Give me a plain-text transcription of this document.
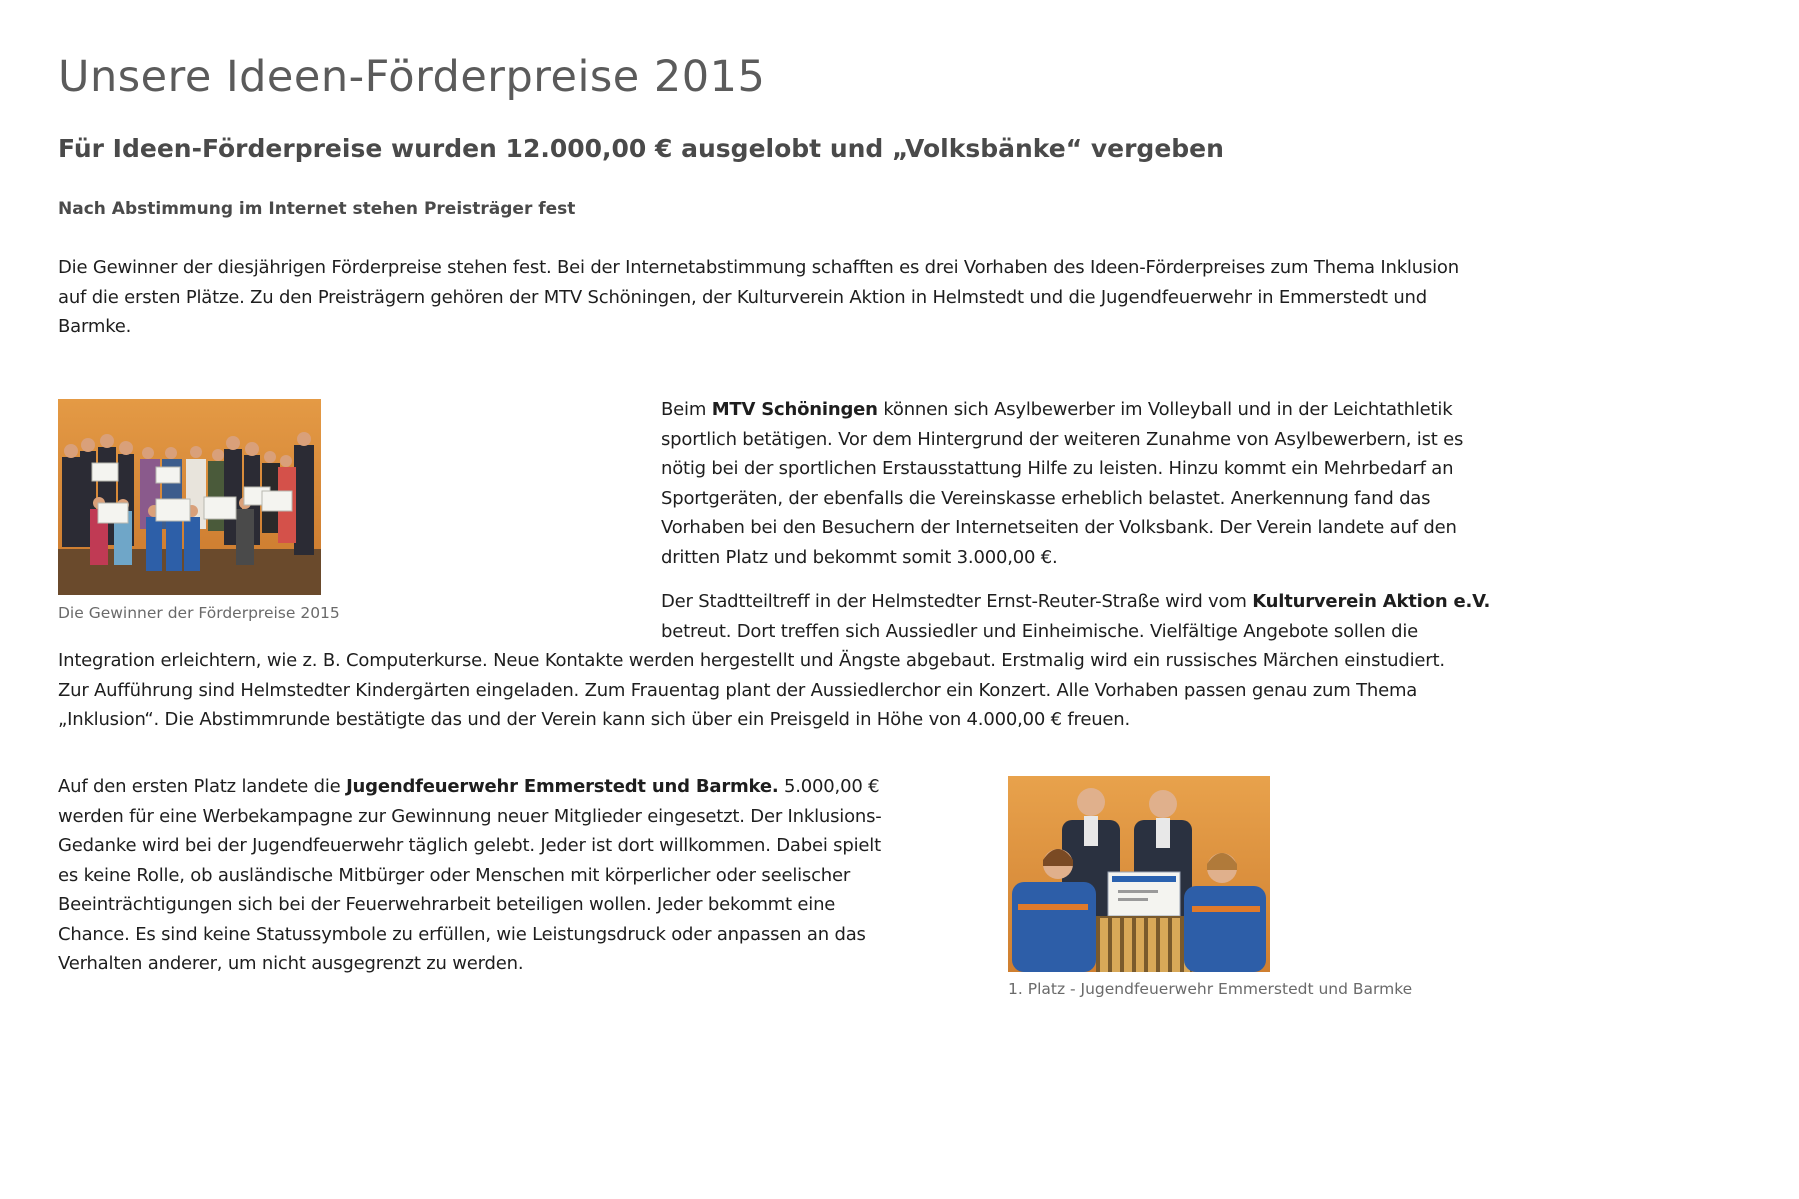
Unsere Ideen-Förderpreise 2015
Für Ideen-Förderpreise wurden 12.000,00 € ausgelobt und „Volksbänke“ vergeben
Nach Abstimmung im Internet stehen Preisträger fest
Die Gewinner der diesjährigen Förderpreise stehen fest. Bei der Internetabstimmung schafften es drei Vorhaben des Ideen-Förderpreises zum Thema Inklusion
auf die ersten Plätze. Zu den Preisträgern gehören der MTV Schöningen, der Kulturverein Aktion in Helmstedt und die Jugendfeuerwehr in Emmerstedt und
Barmke.
Die Gewinner der Förderpreise 2015
Beim MTV Schöningen können sich Asylbewerber im Volleyball und in der Leichtathletik
sportlich betätigen. Vor dem Hintergrund der weiteren Zunahme von Asylbewerbern, ist es
nötig bei der sportlichen Erstausstattung Hilfe zu leisten. Hinzu kommt ein Mehrbedarf an
Sportgeräten, der ebenfalls die Vereinskasse erheblich belastet. Anerkennung fand das
Vorhaben bei den Besuchern der Internetseiten der Volksbank. Der Verein landete auf den
dritten Platz und bekommt somit 3.000,00 €.
Der Stadtteiltreff in der Helmstedter Ernst-Reuter-Straße wird vom Kulturverein Aktion e.V.
betreut. Dort treffen sich Aussiedler und Einheimische. Vielfältige Angebote sollen die
Integration erleichtern, wie z. B. Computerkurse. Neue Kontakte werden hergestellt und Ängste abgebaut. Erstmalig wird ein russisches Märchen einstudiert.
Zur Aufführung sind Helmstedter Kindergärten eingeladen. Zum Frauentag plant der Aussiedlerchor ein Konzert. Alle Vorhaben passen genau zum Thema
„Inklusion“. Die Abstimmrunde bestätigte das und der Verein kann sich über ein Preisgeld in Höhe von 4.000,00 € freuen.
Auf den ersten Platz landete die Jugendfeuerwehr Emmerstedt und Barmke. 5.000,00 €
werden für eine Werbekampagne zur Gewinnung neuer Mitglieder eingesetzt. Der Inklusions-
Gedanke wird bei der Jugendfeuerwehr täglich gelebt. Jeder ist dort willkommen. Dabei spielt
es keine Rolle, ob ausländische Mitbürger oder Menschen mit körperlicher oder seelischer
Beeinträchtigungen sich bei der Feuerwehrarbeit beteiligen wollen. Jeder bekommt eine
Chance. Es sind keine Statussymbole zu erfüllen, wie Leistungsdruck oder anpassen an das
Verhalten anderer, um nicht ausgegrenzt zu werden.
1. Platz - Jugendfeuerwehr Emmerstedt und Barmke
